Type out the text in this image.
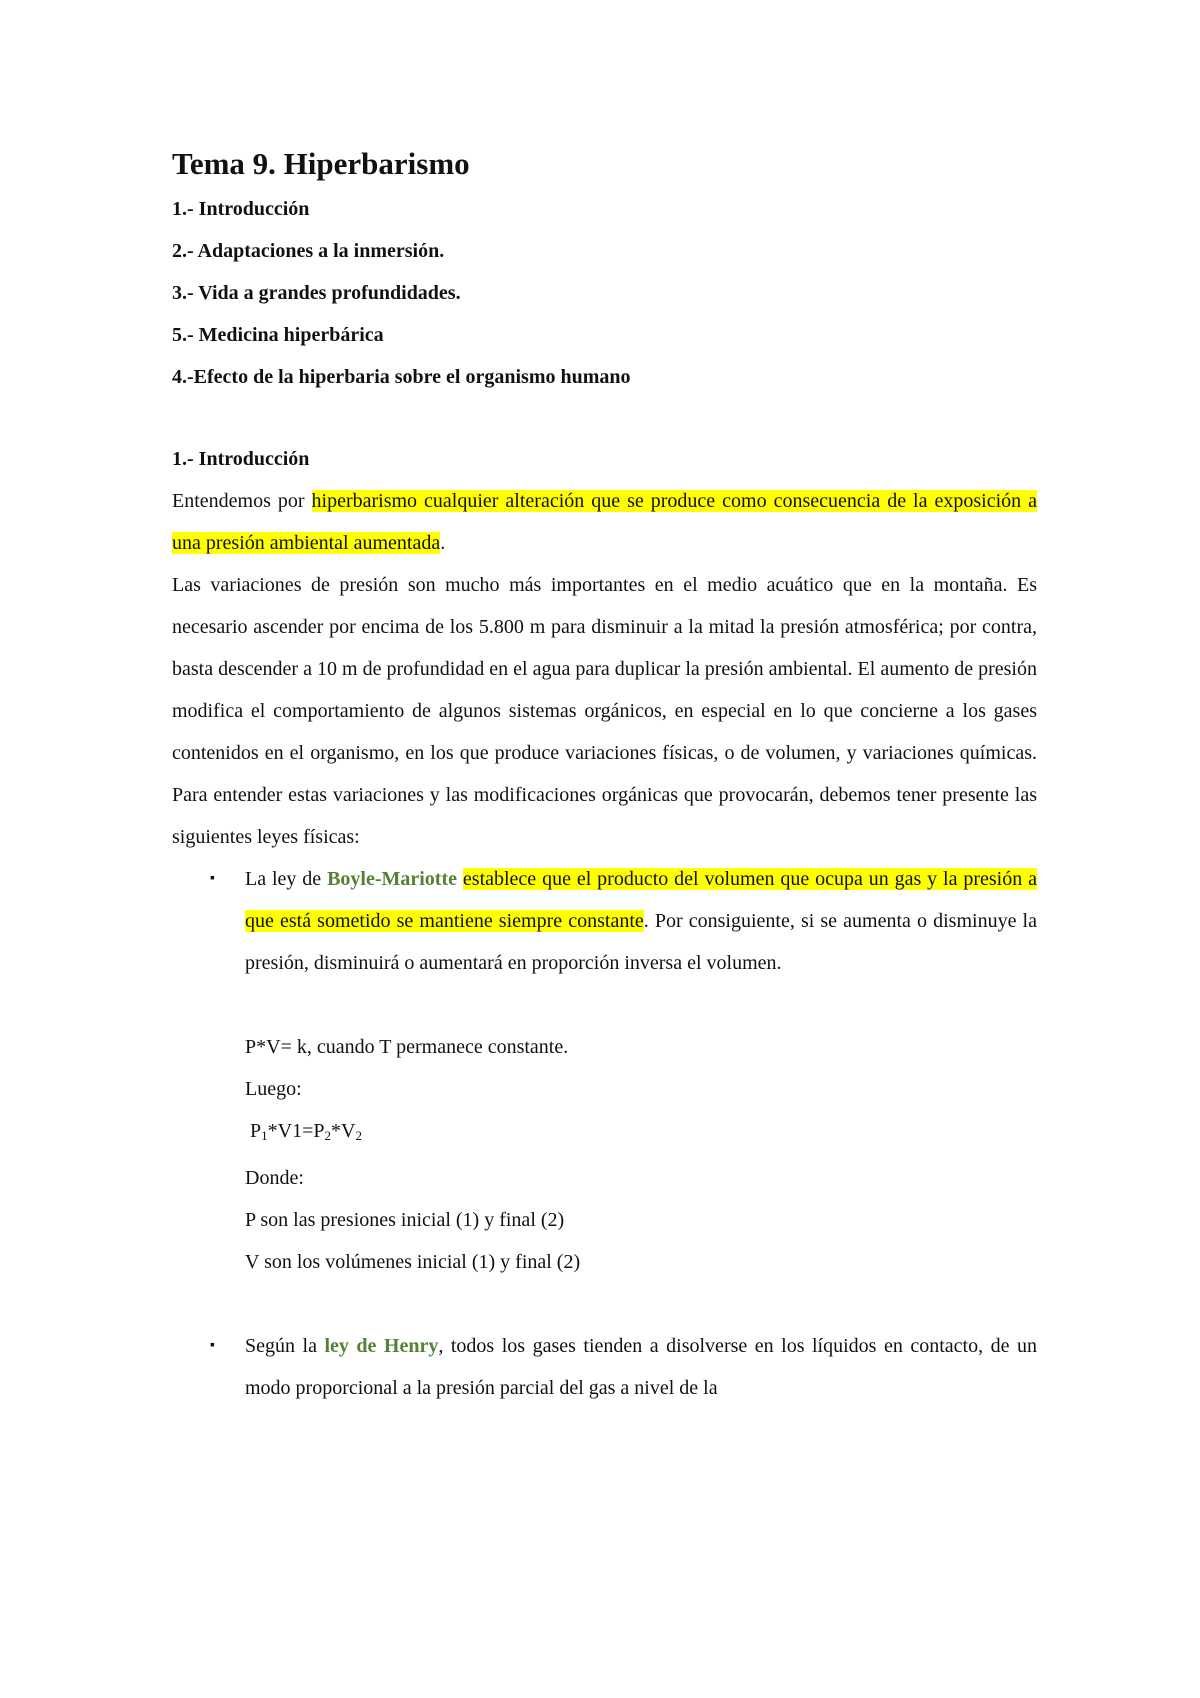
Tema 9. Hiperbarismo
1.- Introducción
2.- Adaptaciones a la inmersión.
3.- Vida a grandes profundidades.
5.- Medicina hiperbárica
4.-Efecto de la hiperbaria sobre el organismo humano
1.- Introducción

Entendemos por hiperbarismo cualquier alteración que se produce como consecuencia de la exposición a una presión ambiental aumentada.

Las variaciones de presión son mucho más importantes en el medio acuático que en la montaña. Es necesario ascender por encima de los 5.800 m para disminuir a la mitad la presión atmosférica; por contra, basta descender a 10 m de profundidad en el agua para duplicar la presión ambiental. El aumento de presión modifica el comportamiento de algunos sistemas orgánicos, en especial en lo que concierne a los gases contenidos en el organismo, en los que produce variaciones físicas, o de volumen, y variaciones químicas. Para entender estas variaciones y las modificaciones orgánicas que provocarán, debemos tener presente las siguientes leyes físicas:

▪ La ley de Boyle-Mariotte establece que el producto del volumen que ocupa un gas y la presión a que está sometido se mantiene siempre constante. Por consiguiente, si se aumenta o disminuye la presión, disminuirá o aumentará en proporción inversa el volumen.

P*V= k, cuando T permanece constante.
Luego:
$P_1*V1=P_2*V_2$
Donde:
P son las presiones inicial (1) y final (2)
V son los volúmenes inicial (1) y final (2)
▪ Según la ley de Henry, todos los gases tienden a disolverse en los líquidos en contacto, de un modo proporcional a la presión parcial del gas a nivel de la
